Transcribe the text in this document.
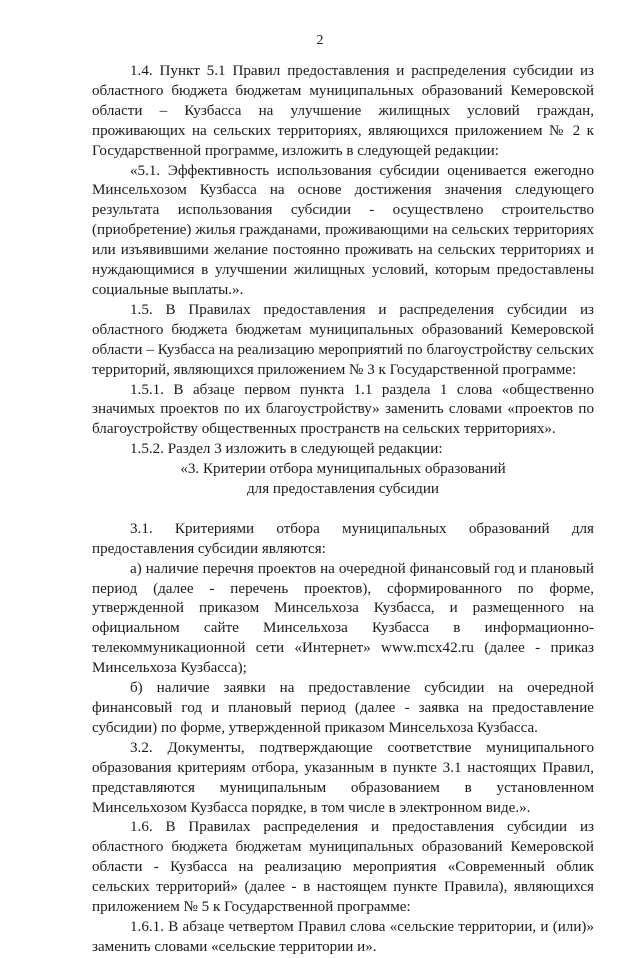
2

1.4. Пункт 5.1 Правил предоставления и распределения субсидии из областного бюджета бюджетам муниципальных образований Кемеровской области – Кузбасса на улучшение жилищных условий граждан, проживающих на сельских территориях, являющихся приложением № 2 к Государственной программе, изложить в следующей редакции:

«5.1. Эффективность использования субсидии оценивается ежегодно Минсельхозом Кузбасса на основе достижения значения следующего результата использования субсидии - осуществлено строительство (приобретение) жилья гражданами, проживающими на сельских территориях или изъявившими желание постоянно проживать на сельских территориях и нуждающимися в улучшении жилищных условий, которым предоставлены социальные выплаты.».

1.5. В Правилах предоставления и распределения субсидии из областного бюджета бюджетам муниципальных образований Кемеровской области – Кузбасса на реализацию мероприятий по благоустройству сельских территорий, являющихся приложением № 3 к Государственной программе:

1.5.1. В абзаце первом пункта 1.1 раздела 1 слова «общественно значимых проектов по их благоустройству» заменить словами «проектов по благоустройству общественных пространств на сельских территориях».

1.5.2. Раздел 3 изложить в следующей редакции:

«3. Критерии отбора муниципальных образований

для предоставления субсидии

3.1. Критериями отбора муниципальных образований для предоставления субсидии являются:

а) наличие перечня проектов на очередной финансовый год и плановый период (далее - перечень проектов), сформированного по форме, утвержденной приказом Минсельхоза Кузбасса, и размещенного на официальном сайте Минсельхоза Кузбасса в информационно-телекоммуникационной сети «Интернет» www.mcx42.ru (далее - приказ Минсельхоза Кузбасса);

б) наличие заявки на предоставление субсидии на очередной финансовый год и плановый период (далее - заявка на предоставление субсидии) по форме, утвержденной приказом Минсельхоза Кузбасса.

3.2. Документы, подтверждающие соответствие муниципального образования критериям отбора, указанным в пункте 3.1 настоящих Правил, представляются муниципальным образованием в установленном Минсельхозом Кузбасса порядке, в том числе в электронном виде.».

1.6. В Правилах распределения и предоставления субсидии из областного бюджета бюджетам муниципальных образований Кемеровской области - Кузбасса на реализацию мероприятия «Современный облик сельских территорий» (далее - в настоящем пункте Правила), являющихся приложением № 5 к Государственной программе:

1.6.1. В абзаце четвертом Правил слова «сельские территории, и (или)» заменить словами «сельские территории и».
